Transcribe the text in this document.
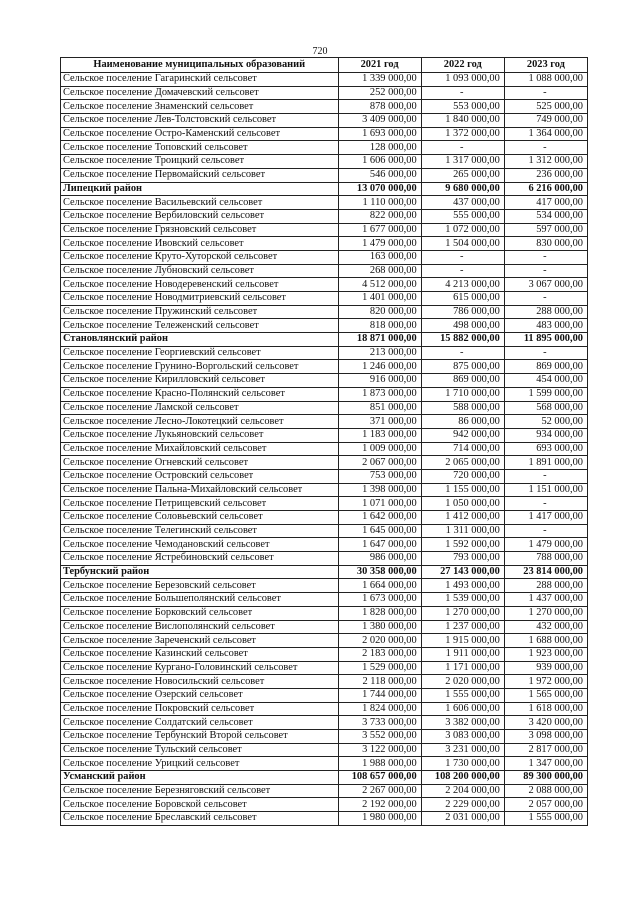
720
Наименование муниципальных образований	2021 год	2022 год	2023 год
Сельское поселение Гагаринский сельсовет	1 339 000,00	1 093 000,00	1 088 000,00
Сельское поселение Домачевский сельсовет	252 000,00	-	-
Сельское поселение Знаменский сельсовет	878 000,00	553 000,00	525 000,00
Сельское поселение Лев-Толстовский сельсовет	3 409 000,00	1 840 000,00	749 000,00
Сельское поселение Остро-Каменский сельсовет	1 693 000,00	1 372 000,00	1 364 000,00
Сельское поселение Топовский сельсовет	128 000,00	-	-
Сельское поселение Троицкий сельсовет	1 606 000,00	1 317 000,00	1 312 000,00
Сельское поселение Первомайский сельсовет	546 000,00	265 000,00	236 000,00
Липецкий район	13 070 000,00	9 680 000,00	6 216 000,00
Сельское поселение Васильевский сельсовет	1 110 000,00	437 000,00	417 000,00
Сельское поселение Вербиловский сельсовет	822 000,00	555 000,00	534 000,00
Сельское поселение Грязновский сельсовет	1 677 000,00	1 072 000,00	597 000,00
Сельское поселение Ивовский сельсовет	1 479 000,00	1 504 000,00	830 000,00
Сельское поселение Круто-Хуторской сельсовет	163 000,00	-	-
Сельское поселение Лубновский сельсовет	268 000,00	-	-
Сельское поселение Новодеревенский сельсовет	4 512 000,00	4 213 000,00	3 067 000,00
Сельское поселение Новодмитриевский сельсовет	1 401 000,00	615 000,00	-
Сельское поселение Пружинский сельсовет	820 000,00	786 000,00	288 000,00
Сельское поселение Тележенский сельсовет	818 000,00	498 000,00	483 000,00
Становлянский район	18 871 000,00	15 882 000,00	11 895 000,00
Сельское поселение Георгиевский сельсовет	213 000,00	-	-
Сельское поселение Грунино-Воргольский сельсовет	1 246 000,00	875 000,00	869 000,00
Сельское поселение Кирилловский сельсовет	916 000,00	869 000,00	454 000,00
Сельское поселение Красно-Полянский сельсовет	1 873 000,00	1 710 000,00	1 599 000,00
Сельское поселение Ламской сельсовет	851 000,00	588 000,00	568 000,00
Сельское поселение Лесно-Локотецкий сельсовет	371 000,00	86 000,00	52 000,00
Сельское поселение Лукьяновский сельсовет	1 183 000,00	942 000,00	934 000,00
Сельское поселение Михайловский сельсовет	1 009 000,00	714 000,00	693 000,00
Сельское поселение Огневский сельсовет	2 067 000,00	2 065 000,00	1 891 000,00
Сельское поселение Островский сельсовет	753 000,00	720 000,00	-
Сельское поселение Пальна-Михайловский сельсовет	1 398 000,00	1 155 000,00	1 151 000,00
Сельское поселение Петрищевский сельсовет	1 071 000,00	1 050 000,00	-
Сельское поселение Соловьевский сельсовет	1 642 000,00	1 412 000,00	1 417 000,00
Сельское поселение Телегинский сельсовет	1 645 000,00	1 311 000,00	-
Сельское поселение Чемодановский сельсовет	1 647 000,00	1 592 000,00	1 479 000,00
Сельское поселение Ястребиновский сельсовет	986 000,00	793 000,00	788 000,00
Тербунский район	30 358 000,00	27 143 000,00	23 814 000,00
Сельское поселение Березовский сельсовет	1 664 000,00	1 493 000,00	288 000,00
Сельское поселение Большеполянский сельсовет	1 673 000,00	1 539 000,00	1 437 000,00
Сельское поселение Борковский сельсовет	1 828 000,00	1 270 000,00	1 270 000,00
Сельское поселение Вислополянский сельсовет	1 380 000,00	1 237 000,00	432 000,00
Сельское поселение Зареченский сельсовет	2 020 000,00	1 915 000,00	1 688 000,00
Сельское поселение Казинский сельсовет	2 183 000,00	1 911 000,00	1 923 000,00
Сельское поселение Кургано-Головинский сельсовет	1 529 000,00	1 171 000,00	939 000,00
Сельское поселение Новосильский сельсовет	2 118 000,00	2 020 000,00	1 972 000,00
Сельское поселение Озерский сельсовет	1 744 000,00	1 555 000,00	1 565 000,00
Сельское поселение Покровский сельсовет	1 824 000,00	1 606 000,00	1 618 000,00
Сельское поселение Солдатский сельсовет	3 733 000,00	3 382 000,00	3 420 000,00
Сельское поселение Тербунский Второй сельсовет	3 552 000,00	3 083 000,00	3 098 000,00
Сельское поселение Тульский сельсовет	3 122 000,00	3 231 000,00	2 817 000,00
Сельское поселение Урицкий сельсовет	1 988 000,00	1 730 000,00	1 347 000,00
Усманский район	108 657 000,00	108 200 000,00	89 300 000,00
Сельское поселение Березняговский сельсовет	2 267 000,00	2 204 000,00	2 088 000,00
Сельское поселение Боровской сельсовет	2 192 000,00	2 229 000,00	2 057 000,00
Сельское поселение Бреславский сельсовет	1 980 000,00	2 031 000,00	1 555 000,00
